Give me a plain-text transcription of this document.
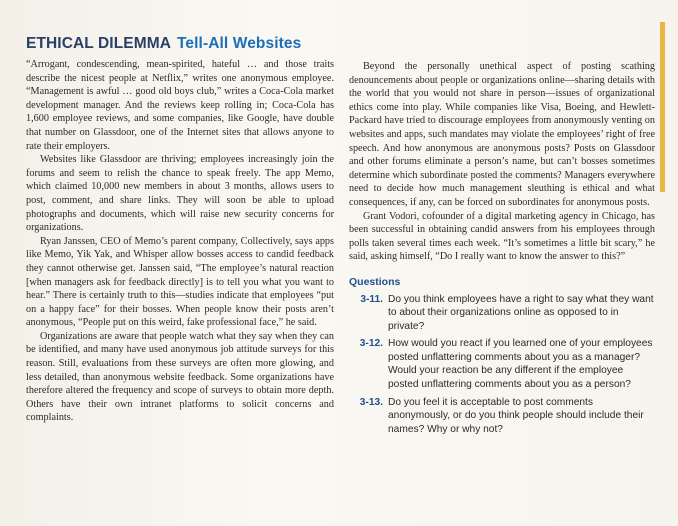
ETHICAL DILEMMA Tell-All Websites

“Arrogant, condescending, mean-spirited, hateful … and those traits describe the nicest people at Netflix,” writes one anonymous employee. “Management is awful … good old boys club,” writes a Coca-Cola market development manager. And the reviews keep rolling in; Coca-Cola has 1,600 employee reviews, and some companies, like Google, have double that number on Glassdoor, one of the Internet sites that allows anyone to rate their employers.

Websites like Glassdoor are thriving; employees increasingly join the forums and seem to relish the chance to speak freely. The app Memo, which claimed 10,000 new members in about 3 months, allows users to post, comment, and share links. They will soon be able to upload photographs and documents, which will raise new security concerns for organizations.

Ryan Janssen, CEO of Memo’s parent company, Collectively, says apps like Memo, Yik Yak, and Whisper allow bosses access to candid feedback they cannot otherwise get. Janssen said, “The employee’s natural reaction [when managers ask for feedback directly] is to tell you what you want to hear.” There is certainly truth to this—studies indicate that employees “put on a happy face” for their bosses. When people know their posts aren’t anonymous, “People put on this weird, fake professional face,” he said.

Organizations are aware that people watch what they say when they can be identified, and many have used anonymous job attitude surveys for this reason. Still, evaluations from these surveys are often more glowing, and less detailed, than anonymous website feedback. Some organizations have therefore altered the frequency and scope of surveys to obtain more depth. Others have their own intranet platforms to solicit concerns and complaints.

Beyond the personally unethical aspect of posting scathing denouncements about people or organizations online—sharing details with the world that you would not share in person—issues of organizational ethics come into play. While companies like Visa, Boeing, and Hewlett-Packard have tried to discourage employees from anonymously venting on websites and apps, such mandates may violate the employees’ right of free speech. And how anonymous are anonymous posts? Posts on Glassdoor and other forums eliminate a person’s name, but can’t bosses sometimes determine which subordinate posted the comments? Managers everywhere need to decide how much management sleuthing is ethical and what consequences, if any, can be forced on subordinates for anonymous posts.

Grant Vodori, cofounder of a digital marketing agency in Chicago, has been successful in obtaining candid answers from his employees through polls taken several times each week. “It’s sometimes a little bit scary,” he said, asking himself, “Do I really want to know the answer to this?”

Questions
3-11. Do you think employees have a right to say what they want to about their organizations online as opposed to in private?
3-12. How would you react if you learned one of your employees posted unflattering comments about you as a manager? Would your reaction be any different if the employee posted unflattering comments about you as a person?
3-13. Do you feel it is acceptable to post comments anonymously, or do you think people should include their names? Why or why not?
